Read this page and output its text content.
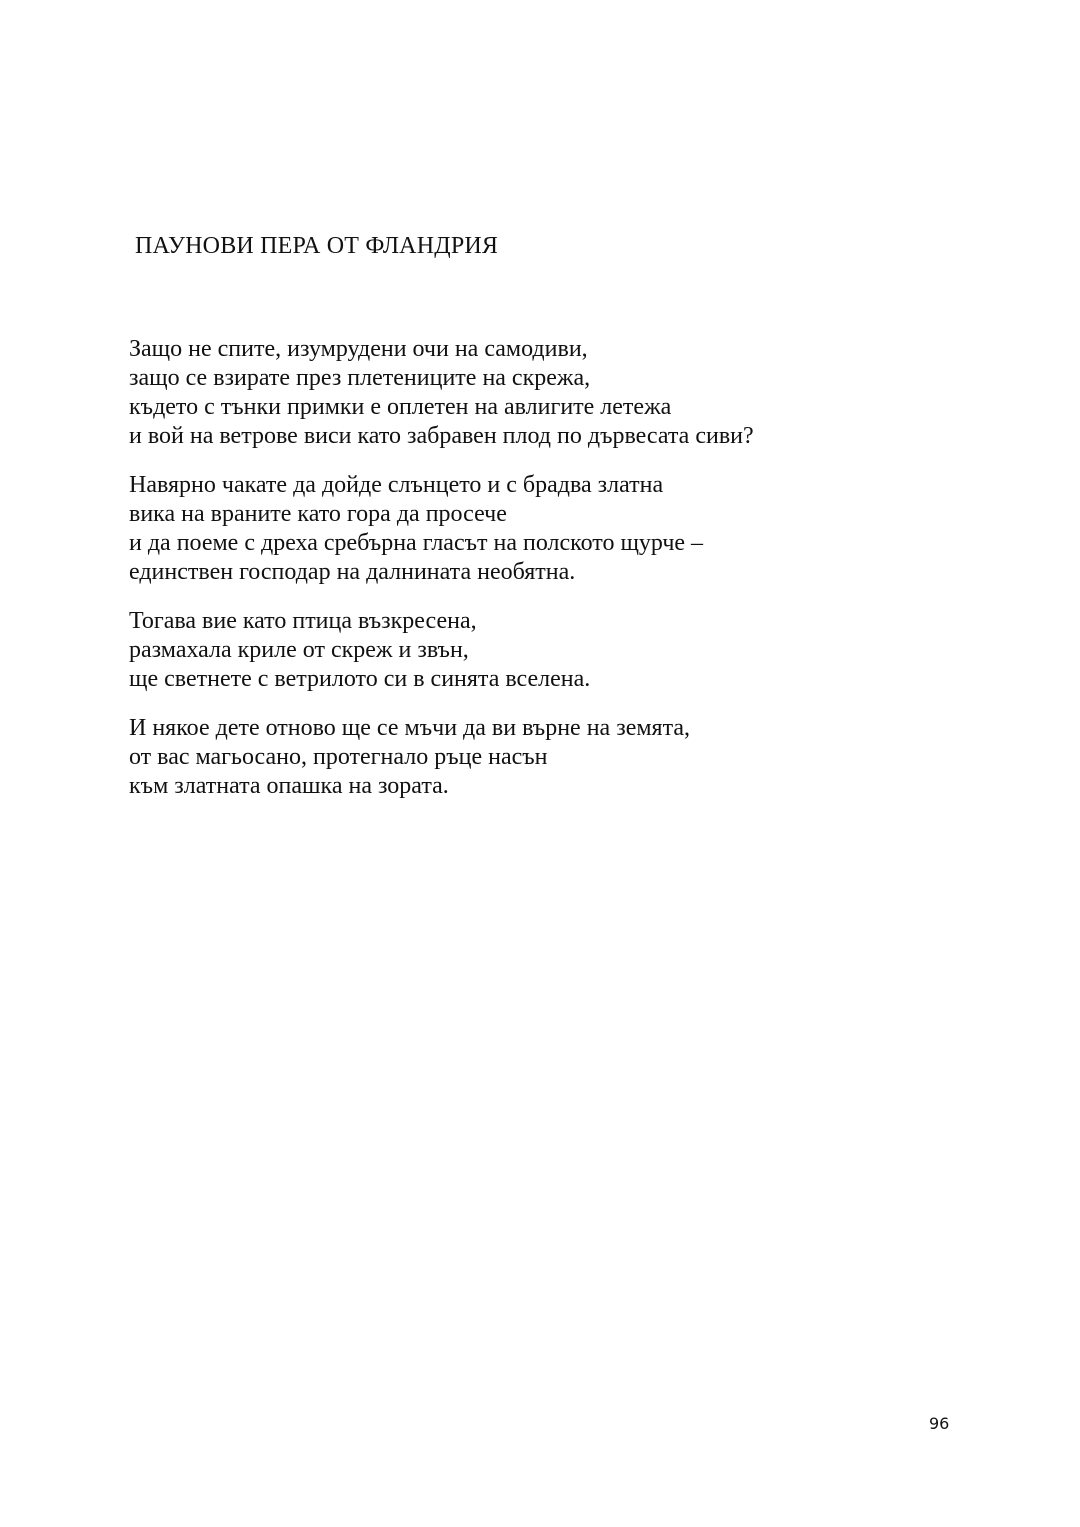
ПАУНОВИ ПЕРА ОТ ФЛАНДРИЯ
Защо не спите, изумрудени очи на самодиви,
защо се взирате през плетениците на скрежа,
където с тънки примки е оплетен на авлигите летежа
и вой на ветрове виси като забравен плод по дървесата сиви?
Навярно чакате да дойде слънцето и с брадва златна
вика на враните като гора да просече
и да поеме с дреха сребърна гласът на полското щурче –
единствен господар на далнината необятна.
Тогава вие като птица възкресена,
размахала криле от скреж и звън,
ще светнете с ветрилото си в синята вселена.
И някое дете отново ще се мъчи да ви върне на земята,
от вас магьосано, протегнало ръце насън
към златната опашка на зората.
96
